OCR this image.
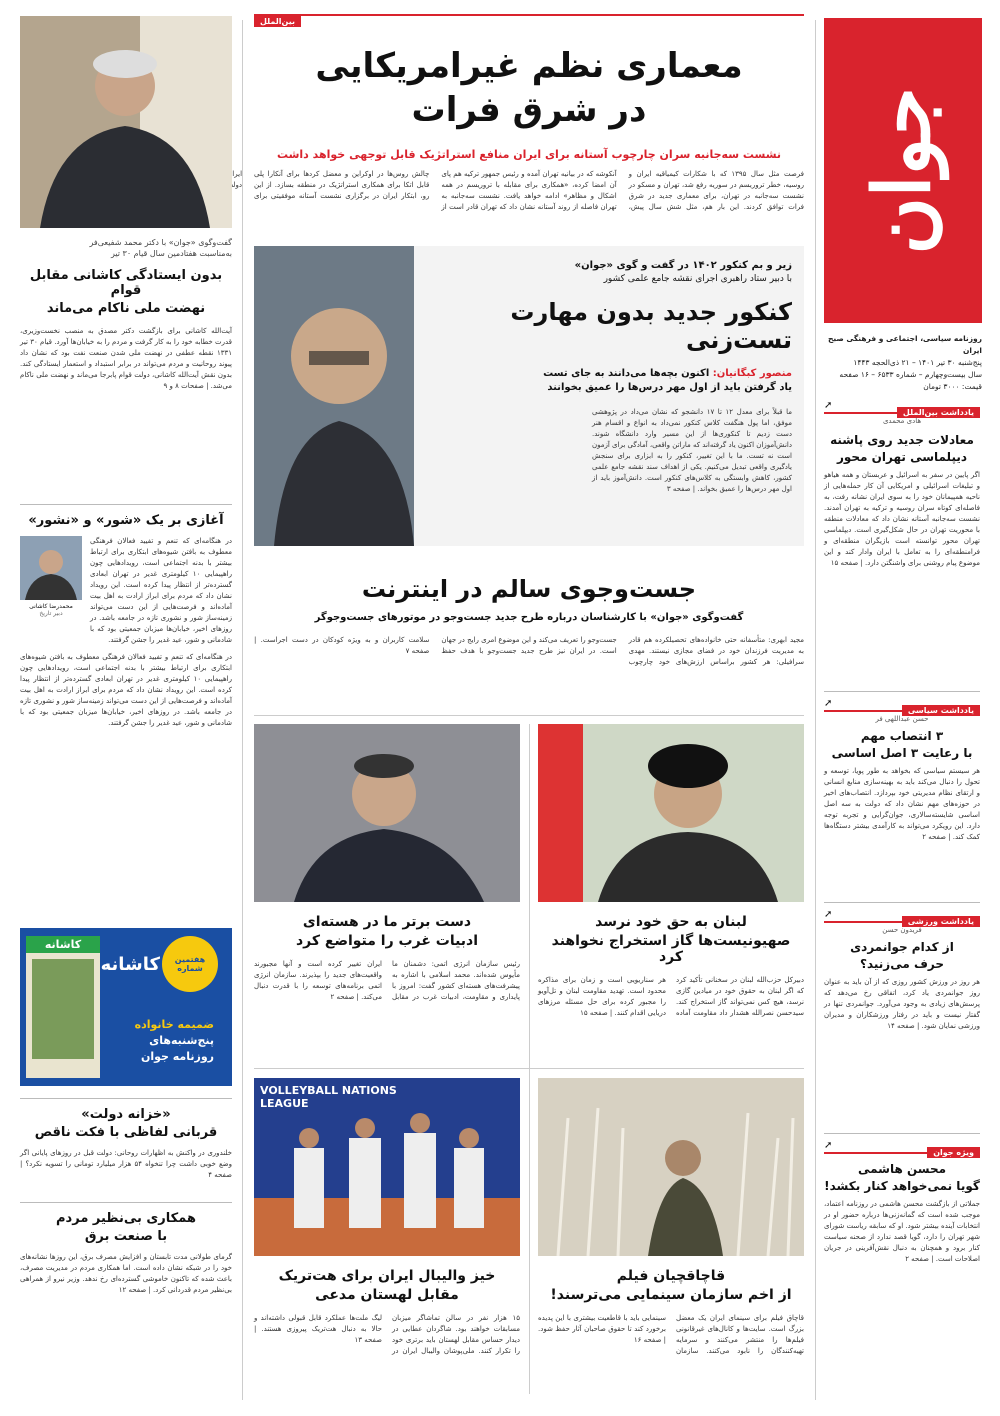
جوان
روزنامه سیاسی، اجتماعی و فرهنگی صبح ایران
پنج‌شنبه ۳۰ تیر ۱۴۰۱ – ۲۱ ذی‌الحجه ۱۴۴۳
سال بیست‌وچهارم – شماره ۶۵۳۳ – ۱۶ صفحه
قیمت: ۳۰۰۰ تومان
یادداشت بین‌الملل
➚
هادی محمدی
معادلات جدید روی پاشنه
دیپلماسی تهران محور
اگر پایین در سفر به اسرائیل و عربستان و همه هیاهو و تبلیغات اسرائیلی و امریکایی آن کار حمله‌هایی از ناحیه همپیمانان خود را به سوی ایران نشانه رفت، به فاصله‌ای کوتاه سران روسیه و ترکیه به تهران آمدند. نشست سه‌جانبه آستانه نشان داد که معادلات منطقه با محوریت تهران در حال شکل‌گیری است. دیپلماسی تهران محور توانسته است بازیگران منطقه‌ای و فرامنطقه‌ای را به تعامل با ایران وادار کند و این موضوع پیام روشنی برای واشنگتن دارد. | صفحه ۱۵
یادداشت سیاسی
➚
حسن عبداللهی فر
۳ انتصاب مهم
با رعایت ۳ اصل اساسی
هر سیستم سیاسی که بخواهد به طور پویا، توسعه و تحول را دنبال می‌کند باید به بهینه‌سازی منابع انسانی و ارتقای نظام مدیریتی خود بپردازد. انتصاب‌های اخیر در حوزه‌های مهم نشان داد که دولت به سه اصل اساسی شایسته‌سالاری، جوان‌گرایی و تجربه توجه دارد. این رویکرد می‌تواند به کارآمدی بیشتر دستگاه‌ها کمک کند. | صفحه ۲
یادداشت ورزشی
➚
فریدون حسن
از کدام جوانمردی
حرف می‌زنید؟
هر روز در ورزش کشور روزی که از آن باید به عنوان روز جوانمردی یاد کرد، اتفاقی رخ می‌دهد که پرسش‌های زیادی به وجود می‌آورد. جوانمردی تنها در گفتار نیست و باید در رفتار ورزشکاران و مدیران ورزشی نمایان شود. | صفحه ۱۴
ویژه جوان
➚
محسن هاشمی
گویا نمی‌خواهد کنار بکشد!
جملاتی از بازگشت محسن هاشمی در روزنامه اعتماد، موجب شده است که گمانه‌زنی‌ها درباره حضور او در انتخابات آینده بیشتر شود. او که سابقه ریاست شورای شهر تهران را دارد، گویا قصد ندارد از صحنه سیاست کنار برود و همچنان به دنبال نقش‌آفرینی در جریان اصلاحات است. | صفحه ۲
بین‌الملل
معماری نظم غیرامریکایی
در شرق فرات
نشست سه‌جانبه سران چارچوب آستانه برای ایران منافع استراتژیک قابل توجهی خواهد داشت
فرصت مثل سال ۱۳۹۵ که با شکارات کیمیاقیه ایران و روسیه، خطر تروریسم در سوریه رفع شد، تهران و مسکو در نشست سه‌جانبه در تهران، برای معماری جدید در شرق فرات توافق کردند. این بار هم، مثل شش سال پیش، آنکوشه که در بیانیه تهران آمده و رئیس جمهور ترکیه هم پای آن امضا کرده، «همکاری برای مقابله با تروریسم در همه اشکال و مظاهر» ادامه خواهد یافت. نشست سه‌جانبه به تهران فاصله از روند آستانه نشان داد که تهران قادر است از چالش روس‌ها در اوکراین و معضل کردها برای آنکارا پلی قابل اتکا برای همکاری استراتژیک در منطقه بسازد. از این رو، ابتکار ایران در برگزاری نشست آستانه موفقیتی برای ایران دولت
زیر و بم کنکور ۱۴۰۲ در گفت و گوی «جوان»
با دبیر ستاد راهبری اجرای نقشه جامع علمی کشور
کنکور جدید بدون مهارت تست‌زنی
منصور کبگانیان: اکنون بچه‌ها می‌دانند به جای تست
یاد گرفتن باید از اول مهر درس‌ها را عمیق بخوانند
ما قبلاً برای معدل ۱۲ تا ۱۷ دانشجو که نشان می‌داد در پژوهشی موفق، اما پول هنگفت کلاس کنکور نمی‌داد به انواع و اقسام هنر دست زدیم تا کنکوری‌ها از این مسیر وارد دانشگاه شوند. دانش‌آموزان اکنون یاد گرفته‌اند که ماراتن واقعی، آمادگی برای آزمون است نه تست. ما با این تغییر، کنکور را به ابزاری برای سنجش یادگیری واقعی تبدیل می‌کنیم. یکی از اهداف سند نقشه جامع علمی کشور، کاهش وابستگی به کلاس‌های کنکور است. دانش‌آموز باید از اول مهر درس‌ها را عمیق بخواند. | صفحه ۳
جست‌وجوی سالم در اینترنت
گفت‌وگوی «جوان» با کارشناسان درباره طرح جدید جست‌وجو در موتورهای جست‌وجوگر
مجید ابهری: متأسفانه حتی خانواده‌های تحصیلکرده هم قادر به مدیریت فرزندان خود در فضای مجازی نیستند. مهدی سرافیلی: هر کشور براساس ارزش‌های خود چارچوب جست‌وجو را تعریف می‌کند و این موضوع امری رایج در جهان است. در ایران نیز طرح جدید جست‌وجو با هدف حفظ سلامت کاربران و به ویژه کودکان در دست اجراست. | صفحه ۷
لبنان به حق خود نرسد
صهیونیست‌ها گاز استخراج نخواهند کرد
دبیرکل حزب‌الله لبنان در سخنانی تأکید کرد که اگر لبنان به حقوق خود در میادین گازی نرسد، هیچ کس نمی‌تواند گاز استخراج کند. سیدحسن نصرالله هشدار داد مقاومت آماده هر سناریویی است و زمان برای مذاکره محدود است. تهدید مقاومت لبنان و تل‌آویو را مجبور کرده برای حل مسئله مرزهای دریایی اقدام کنند. | صفحه ۱۵
دست برتر ما در هسته‌ای
ادبیات غرب را متواضع کرد
رئیس سازمان انرژی اتمی: دشمنان ما مأیوس شده‌اند. محمد اسلامی با اشاره به پیشرفت‌های هسته‌ای کشور گفت: امروز با پایداری و مقاومت، ادبیات غرب در مقابل ایران تغییر کرده است و آنها مجبورند واقعیت‌های جدید را بپذیرند. سازمان انرژی اتمی برنامه‌های توسعه را با قدرت دنبال می‌کند. | صفحه ۲
قاچاقچیان فیلم
از اخم سازمان سینمایی می‌ترسند!
قاچاق فیلم برای سینمای ایران یک معضل بزرگ است. سایت‌ها و کانال‌های غیرقانونی فیلم‌ها را منتشر می‌کنند و سرمایه تهیه‌کنندگان را نابود می‌کنند. سازمان سینمایی باید با قاطعیت بیشتری با این پدیده برخورد کند تا حقوق صاحبان آثار حفظ شود. | صفحه ۱۶
VOLLEYBALL NATIONS LEAGUE
خیز والیبال ایران برای هت‌تریک
مقابل لهستان مدعی
۱۵ هزار نفر در سالن تماشاگر میزبان مسابقات خواهند بود. شاگردان عطایی در دیدار حساس مقابل لهستان باید برتری خود را تکرار کنند. ملی‌پوشان والیبال ایران در لیگ ملت‌ها عملکرد قابل قبولی داشته‌اند و حالا به دنبال هت‌تریک پیروزی هستند. | صفحه ۱۳
گفت‌وگوی «جوان» با دکتر محمد شفیعی‌فر
به‌مناسبت هفتادمین سال قیام ۳۰ تیر
بدون ایستادگی کاشانی مقابل قوام
نهضت ملی ناکام می‌ماند
آیت‌الله کاشانی برای بازگشت دکتر مصدق به منصب نخست‌وزیری، قدرت خطابه خود را به کار گرفت و مردم را به خیابان‌ها آورد. قیام ۳۰ تیر ۱۳۳۱ نقطه عطفی در نهضت ملی شدن صنعت نفت بود که نشان داد پیوند روحانیت و مردم می‌تواند در برابر استبداد و استعمار ایستادگی کند. بدون نقش آیت‌الله کاشانی، دولت قوام پابرجا می‌ماند و نهضت ملی ناکام می‌شد. | صفحات ۸ و ۹
آغازی بر یک «شور» و «نشور»
محمدرضا کاشانی
دبیر تاریخ
در هنگامه‌ای که تنعم و تفیید فعالان فرهنگی معطوف به بافتن شیوه‌های ابتکاری برای ارتباط بیشتر با بدنه اجتماعی است، رویدادهایی چون راهپیمایی ۱۰ کیلومتری غدیر در تهران ابعادی گسترده‌تر از انتظار پیدا کرده است. این رویداد نشان داد که مردم برای ابراز ارادت به اهل بیت آماده‌اند و فرصت‌هایی از این دست می‌تواند زمینه‌ساز شور و نشوری تازه در جامعه باشد. در روزهای اخیر، خیابان‌ها میزبان جمعیتی بود که با شادمانی و شور، عید غدیر را جشن گرفتند.
در هنگامه‌ای که تنعم و تفیید فعالان فرهنگی معطوف به بافتن شیوه‌های ابتکاری برای ارتباط بیشتر با بدنه اجتماعی است، رویدادهایی چون راهپیمایی ۱۰ کیلومتری غدیر در تهران ابعادی گسترده‌تر از انتظار پیدا کرده است. این رویداد نشان داد که مردم برای ابراز ارادت به اهل بیت آماده‌اند و فرصت‌هایی از این دست می‌تواند زمینه‌ساز شور و نشوری تازه در جامعه باشد. در روزهای اخیر، خیابان‌ها میزبان جمعیتی بود که با شادمانی و شور، عید غدیر را جشن گرفتند.
کاشانه
هفتمین شماره
کاشانه
ضمیمه خانواده
پنج‌شنبه‌های
روزنامه جوان
«خزانه دولت»
قربانی لفاظی با فکت ناقص
خلندوری در واکنش به اظهارات روحانی: دولت قبل در روزهای پایانی اگر وضع خوبی داشت چرا تنخواه ۵۴ هزار میلیارد تومانی را تسویه نکرد؟ | صفحه ۴
همکاری بی‌نظیر مردم
با صنعت برق
گرمای طولانی مدت تابستان و افزایش مصرف برق، این روزها نشانه‌های خود را در شبکه نشان داده است. اما همکاری مردم در مدیریت مصرف، باعث شده که تاکنون خاموشی گسترده‌ای رخ ندهد. وزیر نیرو از همراهی بی‌نظیر مردم قدردانی کرد. | صفحه ۱۲
